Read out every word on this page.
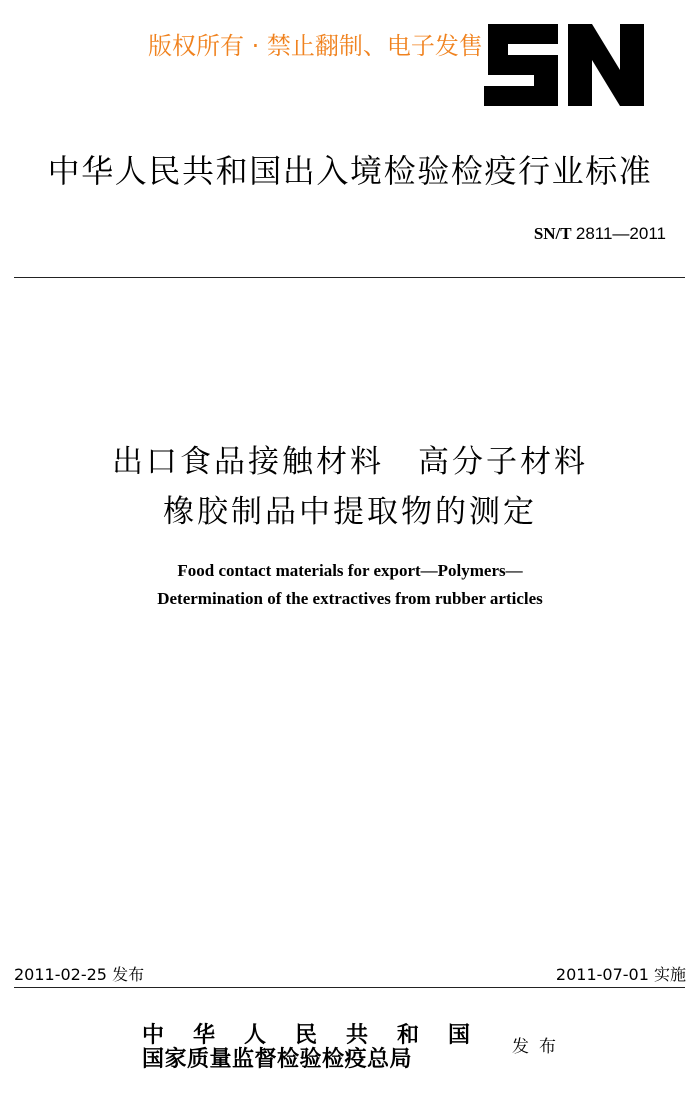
版权所有 · 禁止翻制、电子发售
中华人民共和国出入境检验检疫行业标准
SN/T 2811—2011
出口食品接触材料　高分子材料
橡胶制品中提取物的测定
Food contact materials for export—Polymers—
Determination of the extractives from rubber articles
2011-02-25 发布	2011-07-01 实施
中华人民共和国
国家质量监督检验检疫总局	发布
